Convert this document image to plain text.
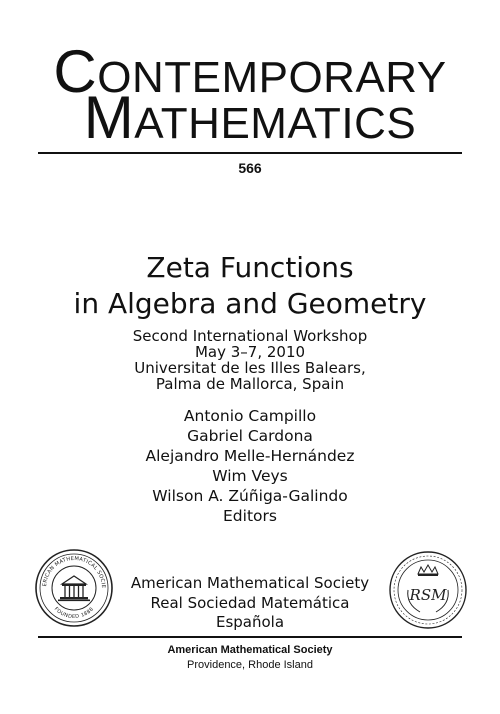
CONTEMPORARY
MATHEMATICS
566
Zeta Functions
in Algebra and Geometry
Second International Workshop
May 3–7, 2010
Universitat de les Illes Balears,
Palma de Mallorca, Spain
Antonio Campillo
Gabriel Cardona
Alejandro Melle-Hernández
Wim Veys
Wilson A. Zúñiga-Galindo
Editors
ERICAN MATHEMATICAL SOCIE
FOUNDED 1888
American Mathematical Society
Real Sociedad Matemática Española
RSM
American Mathematical Society
Providence, Rhode Island
